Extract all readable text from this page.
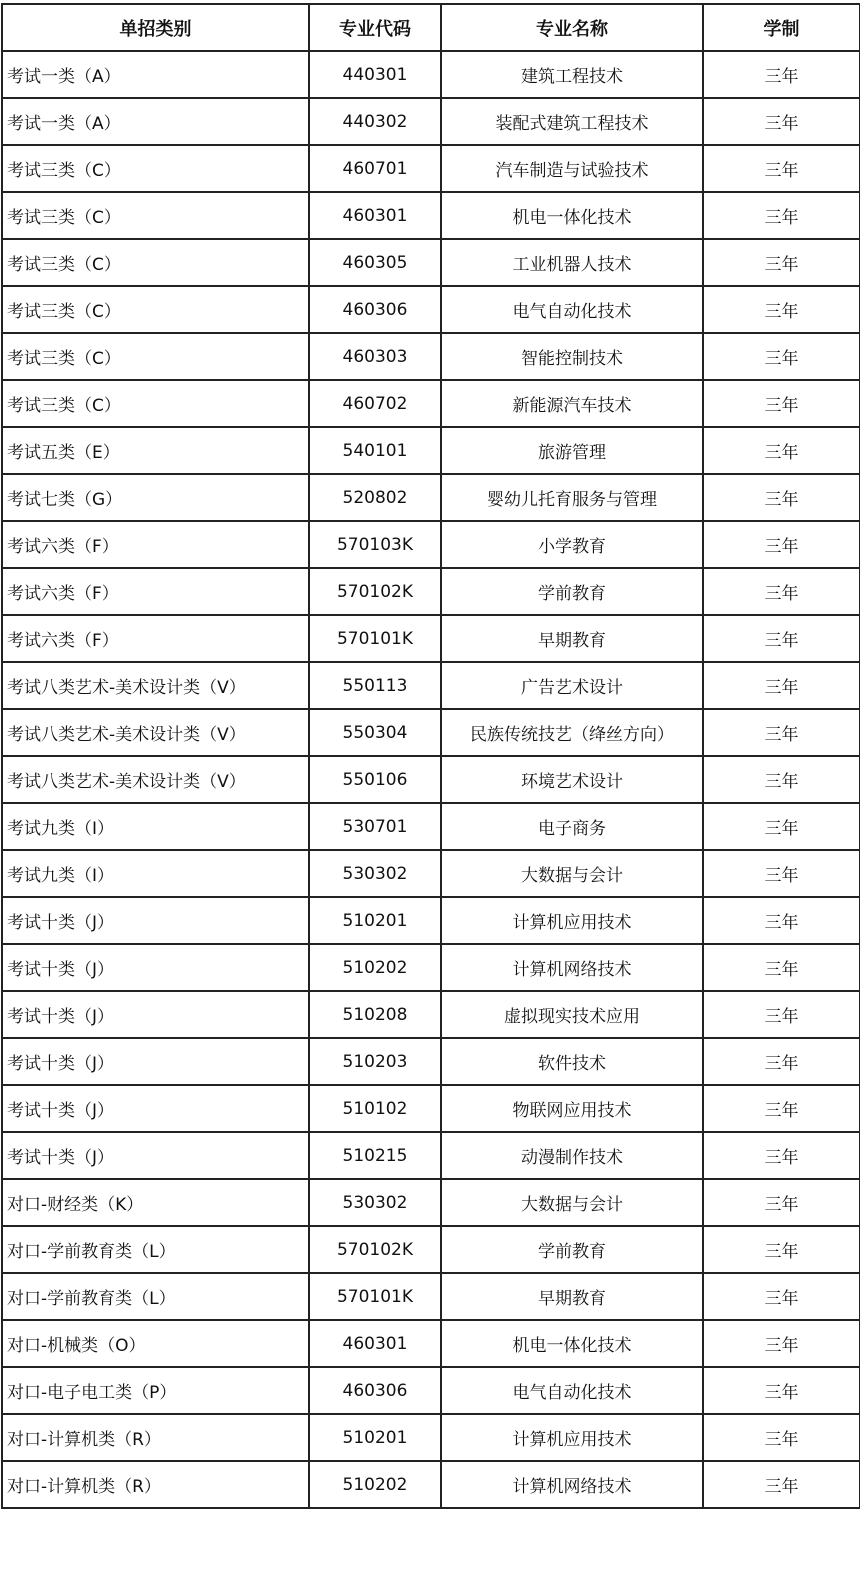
单招类别	专业代码	专业名称	学制
考试一类（A）	440301	建筑工程技术	三年
考试一类（A）	440302	装配式建筑工程技术	三年
考试三类（C）	460701	汽车制造与试验技术	三年
考试三类（C）	460301	机电一体化技术	三年
考试三类（C）	460305	工业机器人技术	三年
考试三类（C）	460306	电气自动化技术	三年
考试三类（C）	460303	智能控制技术	三年
考试三类（C）	460702	新能源汽车技术	三年
考试五类（E）	540101	旅游管理	三年
考试七类（G）	520802	婴幼儿托育服务与管理	三年
考试六类（F）	570103K	小学教育	三年
考试六类（F）	570102K	学前教育	三年
考试六类（F）	570101K	早期教育	三年
考试八类艺术-美术设计类（V）	550113	广告艺术设计	三年
考试八类艺术-美术设计类（V）	550304	民族传统技艺（绛丝方向）	三年
考试八类艺术-美术设计类（V）	550106	环境艺术设计	三年
考试九类（I）	530701	电子商务	三年
考试九类（I）	530302	大数据与会计	三年
考试十类（J）	510201	计算机应用技术	三年
考试十类（J）	510202	计算机网络技术	三年
考试十类（J）	510208	虚拟现实技术应用	三年
考试十类（J）	510203	软件技术	三年
考试十类（J）	510102	物联网应用技术	三年
考试十类（J）	510215	动漫制作技术	三年
对口-财经类（K）	530302	大数据与会计	三年
对口-学前教育类（L）	570102K	学前教育	三年
对口-学前教育类（L）	570101K	早期教育	三年
对口-机械类（O）	460301	机电一体化技术	三年
对口-电子电工类（P）	460306	电气自动化技术	三年
对口-计算机类（R）	510201	计算机应用技术	三年
对口-计算机类（R）	510202	计算机网络技术	三年
